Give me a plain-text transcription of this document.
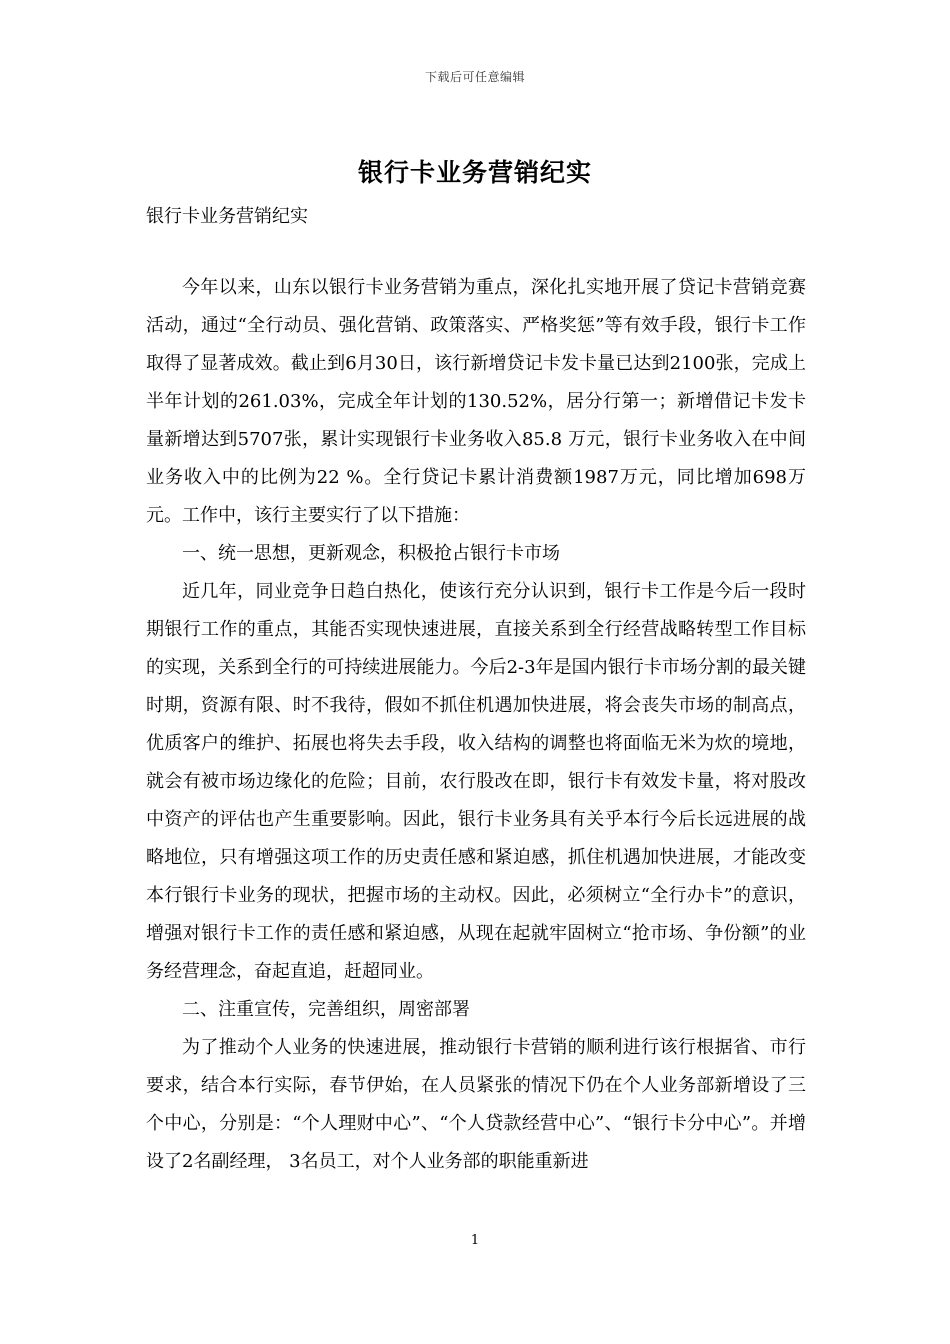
下载后可任意编辑
银行卡业务营销纪实
银行卡业务营销纪实

今年以来，山东以银行卡业务营销为重点，深化扎实地开展了贷记卡营销竞赛活动，通过“全行动员、强化营销、政策落实、严格奖惩”等有效手段，银行卡工作取得了显著成效。截止到6月30日，该行新增贷记卡发卡量已达到2100张，完成上半年计划的261.03%，完成全年计划的130.52%，居分行第一；新增借记卡发卡量新增达到5707张，累计实现银行卡业务收入85.8 万元，银行卡业务收入在中间业务收入中的比例为22 %。全行贷记卡累计消费额1987万元，同比增加698万元。工作中，该行主要实行了以下措施：

一、统一思想，更新观念，积极抢占银行卡市场

近几年，同业竞争日趋白热化，使该行充分认识到，银行卡工作是今后一段时期银行工作的重点，其能否实现快速进展，直接关系到全行经营战略转型工作目标的实现，关系到全行的可持续进展能力。今后2-3年是国内银行卡市场分割的最关键时期，资源有限、时不我待，假如不抓住机遇加快进展，将会丧失市场的制高点，优质客户的维护、拓展也将失去手段，收入结构的调整也将面临无米为炊的境地，就会有被市场边缘化的危险；目前，农行股改在即，银行卡有效发卡量，将对股改中资产的评估也产生重要影响。因此，银行卡业务具有关乎本行今后长远进展的战略地位，只有增强这项工作的历史责任感和紧迫感，抓住机遇加快进展，才能改变本行银行卡业务的现状，把握市场的主动权。因此，必须树立“全行办卡”的意识，增强对银行卡工作的责任感和紧迫感，从现在起就牢固树立“抢市场、争份额”的业务经营理念，奋起直追，赶超同业。

二、注重宣传，完善组织，周密部署

为了推动个人业务的快速进展，推动银行卡营销的顺利进行该行根据省、市行要求，结合本行实际，春节伊始，在人员紧张的情况下仍在个人业务部新增设了三个中心，分别是：“个人理财中心”、“个人贷款经营中心”、“银行卡分中心”。并增设了2名副经理， 3名员工，对个人业务部的职能重新进

1
